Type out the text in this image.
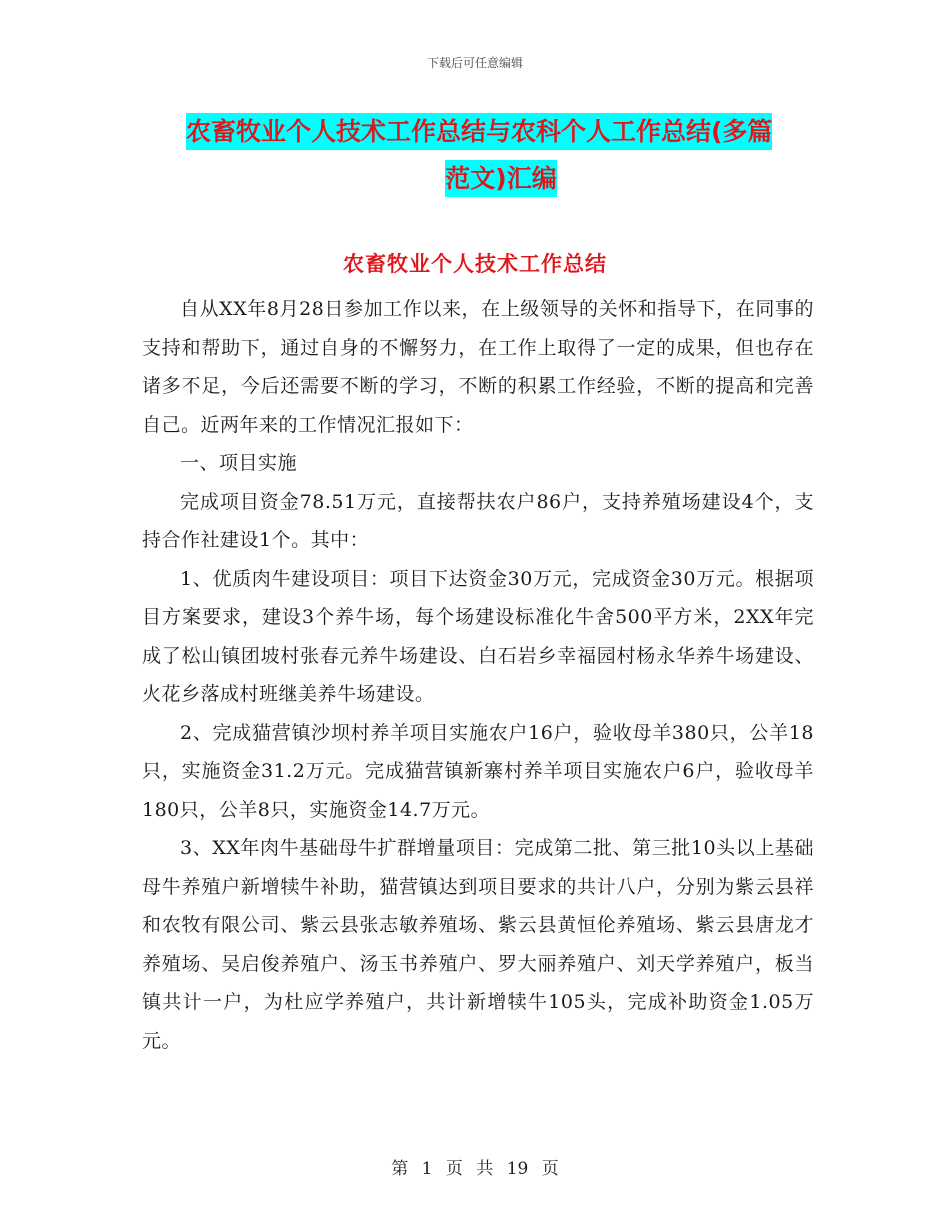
下载后可任意编辑
农畜牧业个人技术工作总结与农科个人工作总结(多篇
范文)汇编
农畜牧业个人技术工作总结

自从XX年8月28日参加工作以来，在上级领导的关怀和指导下，在同事的支持和帮助下，通过自身的不懈努力，在工作上取得了一定的成果，但也存在诸多不足，今后还需要不断的学习，不断的积累工作经验，不断的提高和完善自己。近两年来的工作情况汇报如下：

一、项目实施

完成项目资金78.51万元，直接帮扶农户86户，支持养殖场建设4个，支持合作社建设1个。其中：

1、优质肉牛建设项目：项目下达资金30万元，完成资金30万元。根据项目方案要求，建设3个养牛场，每个场建设标准化牛舍500平方米，2XX年完成了松山镇团坡村张春元养牛场建设、白石岩乡幸福园村杨永华养牛场建设、火花乡落成村班继美养牛场建设。

2、完成猫营镇沙坝村养羊项目实施农户16户，验收母羊380只，公羊18只，实施资金31.2万元。完成猫营镇新寨村养羊项目实施农户6户，验收母羊180只，公羊8只，实施资金14.7万元。

3、XX年肉牛基础母牛扩群增量项目：完成第二批、第三批10头以上基础母牛养殖户新增犊牛补助，猫营镇达到项目要求的共计八户，分别为紫云县祥和农牧有限公司、紫云县张志敏养殖场、紫云县黄恒伦养殖场、紫云县唐龙才养殖场、吴启俊养殖户、汤玉书养殖户、罗大丽养殖户、刘天学养殖户，板当镇共计一户，为杜应学养殖户，共计新增犊牛105头，完成补助资金1.05万元。

第 1 页 共 19 页
